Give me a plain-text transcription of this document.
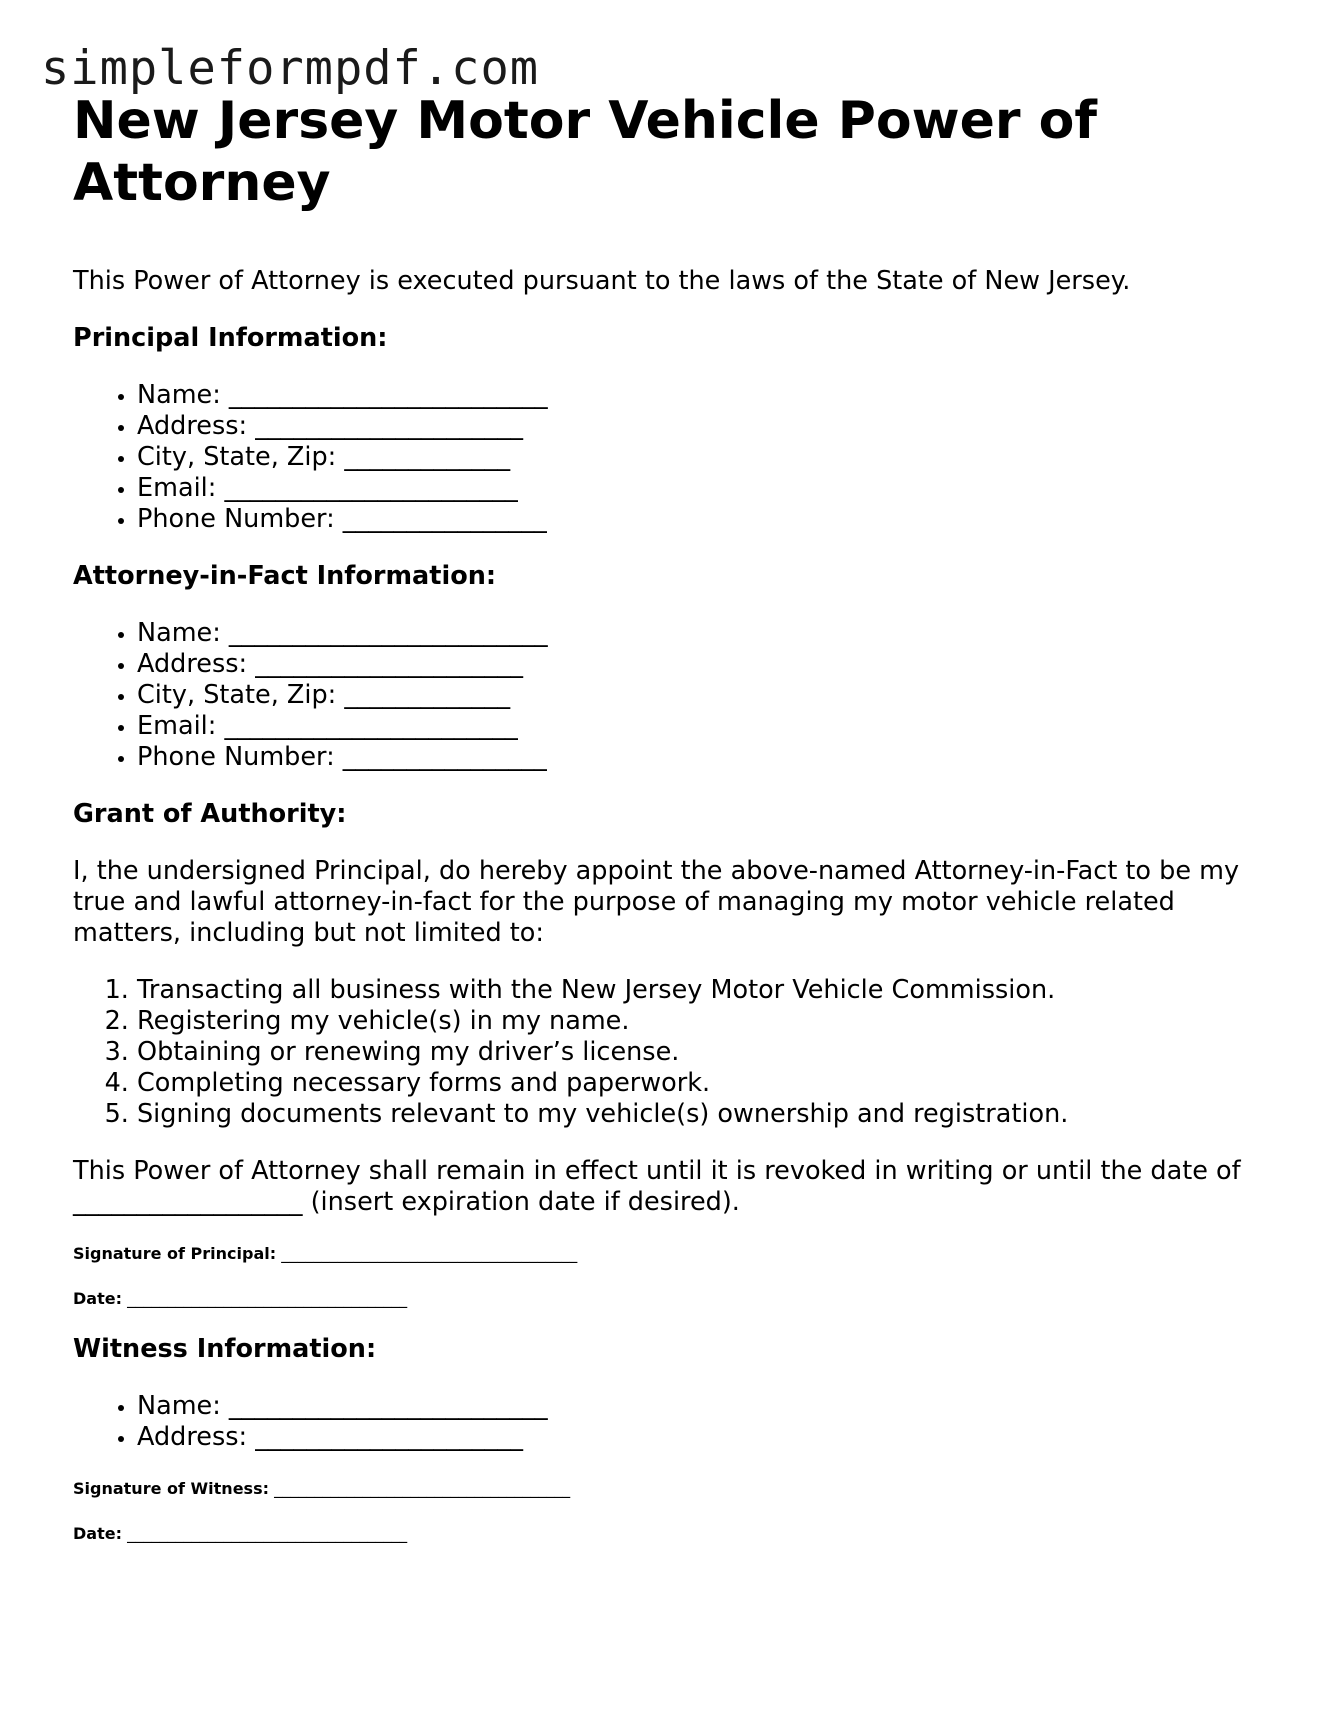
simpleformpdf.com
New Jersey Motor Vehicle Power of Attorney

This Power of Attorney is executed pursuant to the laws of the State of New Jersey.

Principal Information:
• Name: _________________________
• Address: _____________________
• City, State, Zip: _____________
• Email: _______________________
• Phone Number: ________________
Attorney-in-Fact Information:
• Name: _________________________
• Address: _____________________
• City, State, Zip: _____________
• Email: _______________________
• Phone Number: ________________
Grant of Authority:

I, the undersigned Principal, do hereby appoint the above-named Attorney-in-Fact to be my true and lawful attorney-in-fact for the purpose of managing my motor vehicle related matters, including but not limited to:

1. Transacting all business with the New Jersey Motor Vehicle Commission.
2. Registering my vehicle(s) in my name.
3. Obtaining or renewing my driver’s license.
4. Completing necessary forms and paperwork.
5. Signing documents relevant to my vehicle(s) ownership and registration.

This Power of Attorney shall remain in effect until it is revoked in writing or until the date of __________________ (insert expiration date if desired).

Signature of Principal: _____________________________________
Date: ___________________________________
Witness Information:
• Name: _________________________
• Address: _____________________
Signature of Witness: _____________________________________
Date: ___________________________________
